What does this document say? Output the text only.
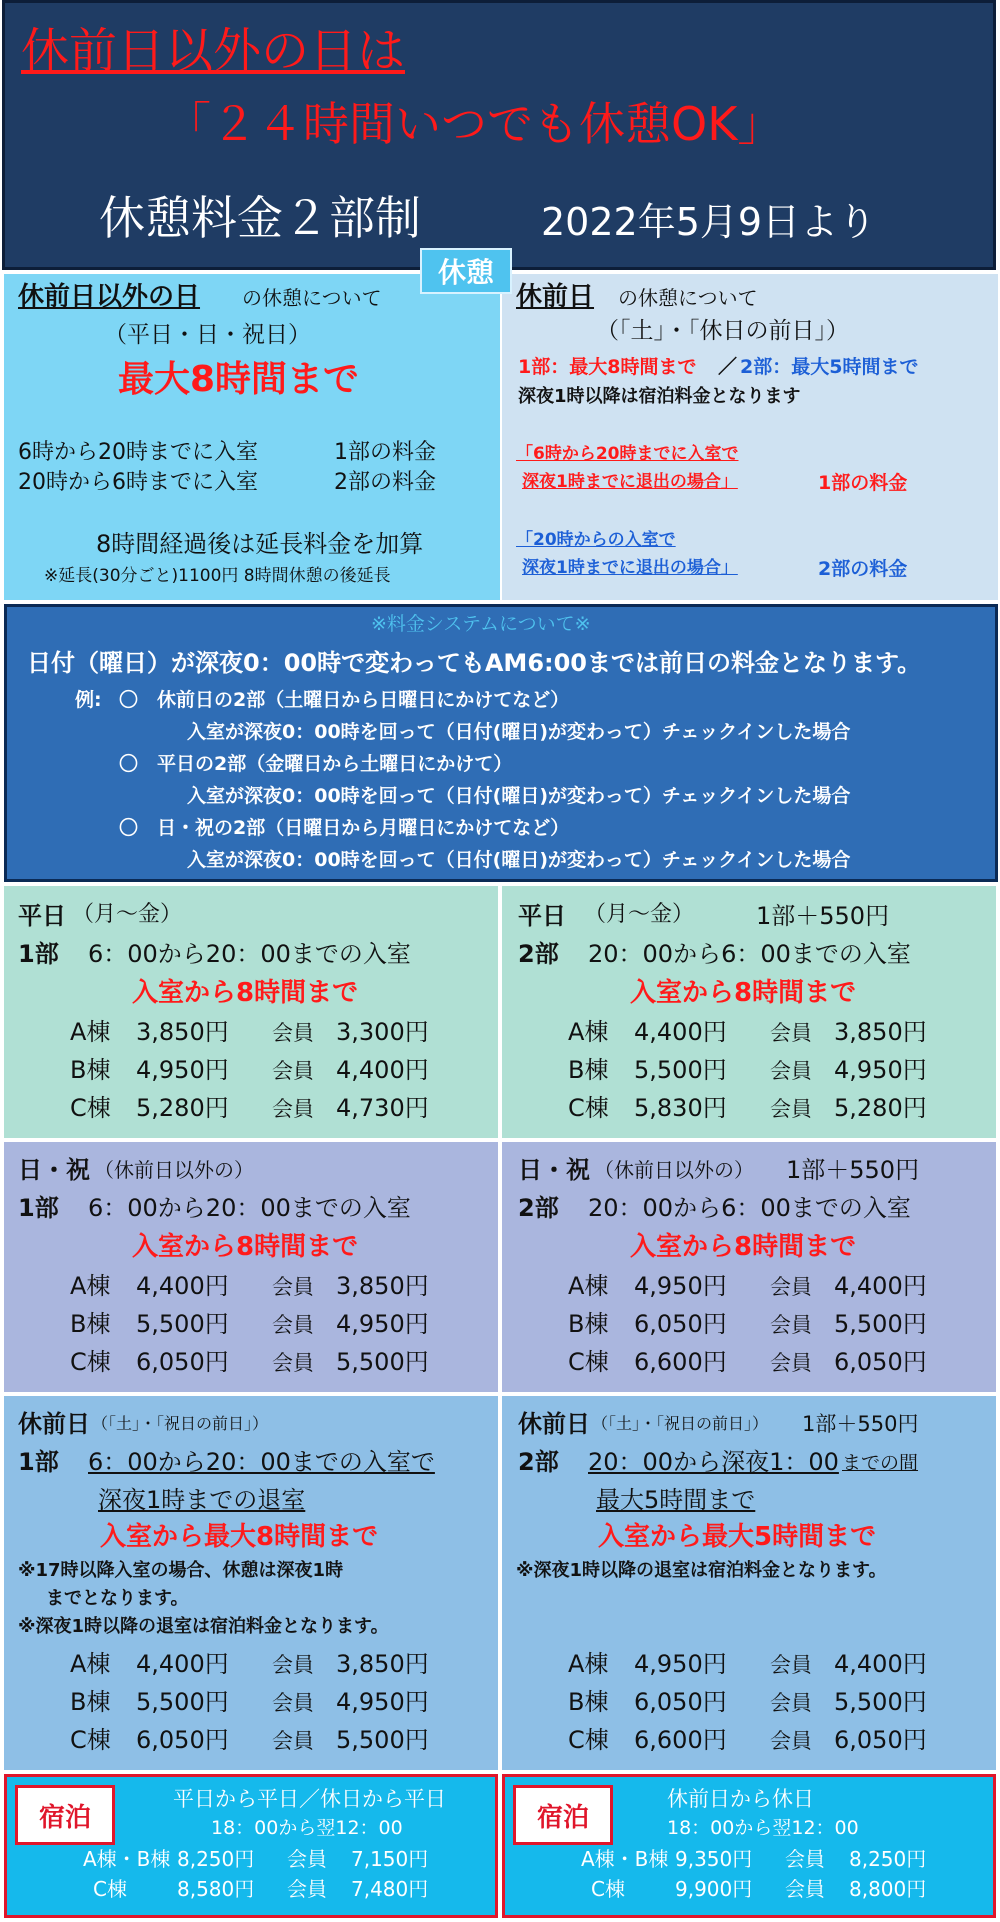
休前日以外の日は
「２４時間いつでも休憩OK」
休憩料金２部制	2022年5月9日より
休憩
休前日以外の日 の休憩について
（平日・日・祝日）
最大8時間まで
6時から20時までに入室	1部の料金
20時から6時までに入室	2部の料金
8時間経過後は延長料金を加算
※延長(30分ごと)1100円 8時間休憩の後延長
休前日 の休憩について
（「土」・「休日の前日」）
1部：最大8時間まで ／ 2部：最大5時間まで
深夜1時以降は宿泊料金となります
「6時から20時までに入室で
深夜1時までに退出の場合」	1部の料金
「20時からの入室で
深夜1時までに退出の場合」	2部の料金
※料金システムについて※
日付（曜日）が深夜0：00時で変わってもAM6:00までは前日の料金となります。
例: 〇 休前日の2部（土曜日から日曜日にかけてなど）
入室が深夜0：00時を回って（日付(曜日)が変わって）チェックインした場合
〇 平日の2部（金曜日から土曜日にかけて）
入室が深夜0：00時を回って（日付(曜日)が変わって）チェックインした場合
〇 日・祝の2部（日曜日から月曜日にかけてなど）
入室が深夜0：00時を回って（日付(曜日)が変わって）チェックインした場合
平日 （月～金）
1部 6：00から20：00までの入室
入室から8時間まで
A棟 3,850円 会員 3,300円
B棟 4,950円 会員 4,400円
C棟 5,280円 会員 4,730円
平日 （月～金）	1部＋550円
2部 20：00から6：00までの入室
入室から8時間まで
A棟 4,400円 会員 3,850円
B棟 5,500円 会員 4,950円
C棟 5,830円 会員 5,280円
日・祝 （休前日以外の）
1部 6：00から20：00までの入室
入室から8時間まで
A棟 4,400円 会員 3,850円
B棟 5,500円 会員 4,950円
C棟 6,050円 会員 5,500円
日・祝 （休前日以外の） 1部＋550円
2部 20：00から6：00までの入室
入室から8時間まで
A棟 4,950円 会員 4,400円
B棟 6,050円 会員 5,500円
C棟 6,600円 会員 6,050円
休前日 （「土」・「祝日の前日」）
1部 6：00から20：00までの入室で
深夜1時までの退室
入室から最大8時間まで
※17時以降入室の場合、休憩は深夜1時
までとなります。
※深夜1時以降の退室は宿泊料金となります。
A棟 4,400円 会員 3,850円
B棟 5,500円 会員 4,950円
C棟 6,050円 会員 5,500円
休前日 （「土」・「祝日の前日」） 1部＋550円
2部 20：00から深夜1：00 までの間
最大5時間まで
入室から最大5時間まで
※深夜1時以降の退室は宿泊料金となります。
A棟 4,950円 会員 4,400円
B棟 6,050円 会員 5,500円
C棟 6,600円 会員 6,050円
宿泊
平日から平日／休日から平日
18：00から翌12：00
A棟・B棟 8,250円 会員 7,150円
C棟	8,580円 会員 7,480円
宿泊
休前日から休日
18：00から翌12：00
A棟・B棟 9,350円 会員 8,250円
C棟	9,900円 会員 8,800円
